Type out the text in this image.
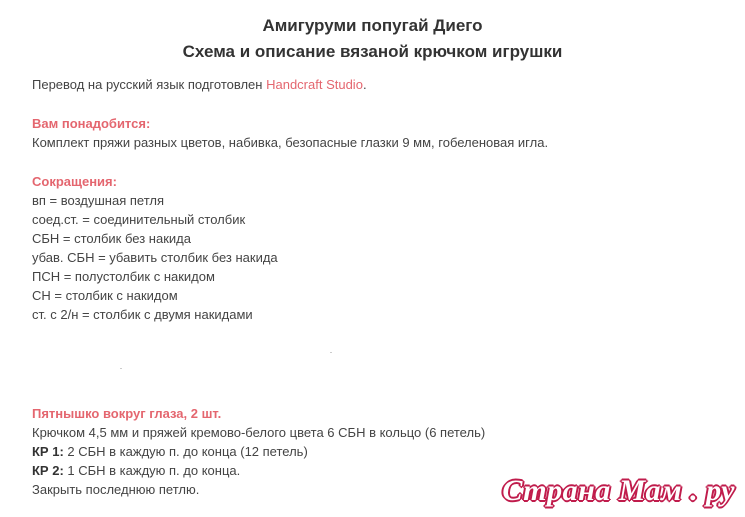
Амигуруми попугай Диего
Схема и описание вязаной крючком игрушки
Перевод на русский язык подготовлен Handcraft Studio.
Вам понадобится:
Комплект пряжи разных цветов, набивка, безопасные глазки 9 мм, гобеленовая игла.
Сокращения:
вп = воздушная петля
соед.ст. = соединительный столбик
СБН = столбик без накида
убав. СБН = убавить столбик без накида
ПСН = полустолбик с накидом
СН = столбик с накидом
ст. с 2/н = столбик с двумя накидами
Пятнышко вокруг глаза, 2 шт.
Крючком 4,5 мм и пряжей кремово-белого цвета 6 СБН в кольцо (6 петель)
КР 1: 2 СБН в каждую п. до конца (12 петель)
КР 2: 1 СБН в каждую п. до конца.
Закрыть последнюю петлю.	Страна Мам . ру
